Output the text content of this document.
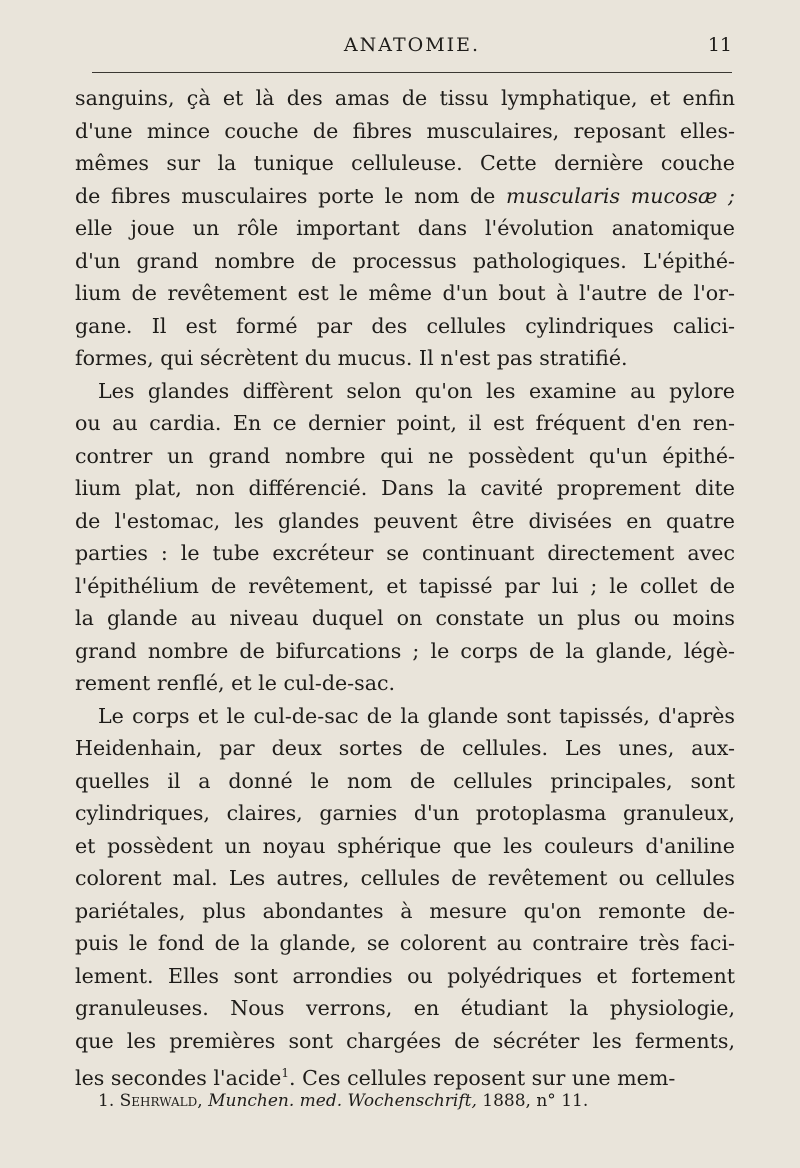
ANATOMIE.	11
sanguins, çà et là des amas de tissu lymphatique, et enfin
d'une mince couche de fibres musculaires, reposant elles-
mêmes sur la tunique celluleuse. Cette dernière couche
de fibres musculaires porte le nom de muscularis mucosæ ;
elle joue un rôle important dans l'évolution anatomique
d'un grand nombre de processus pathologiques. L'épithé-
lium de revêtement est le même d'un bout à l'autre de l'or-
gane. Il est formé par des cellules cylindriques calici-
formes, qui sécrètent du mucus. Il n'est pas stratifié.
Les glandes diffèrent selon qu'on les examine au pylore
ou au cardia. En ce dernier point, il est fréquent d'en ren-
contrer un grand nombre qui ne possèdent qu'un épithé-
lium plat, non différencié. Dans la cavité proprement dite
de l'estomac, les glandes peuvent être divisées en quatre
parties : le tube excréteur se continuant directement avec
l'épithélium de revêtement, et tapissé par lui ; le collet de
la glande au niveau duquel on constate un plus ou moins
grand nombre de bifurcations ; le corps de la glande, légè-
rement renflé, et le cul-de-sac.
Le corps et le cul-de-sac de la glande sont tapissés, d'après
Heidenhain, par deux sortes de cellules. Les unes, aux-
quelles il a donné le nom de cellules principales, sont
cylindriques, claires, garnies d'un protoplasma granuleux,
et possèdent un noyau sphérique que les couleurs d'aniline
colorent mal. Les autres, cellules de revêtement ou cellules
pariétales, plus abondantes à mesure qu'on remonte de-
puis le fond de la glande, se colorent au contraire très faci-
lement. Elles sont arrondies ou polyédriques et fortement
granuleuses. Nous verrons, en étudiant la physiologie,
que les premières sont chargées de sécréter les ferments,
les secondes l'acide$^1$. Ces cellules reposent sur une mem-
1. Sehrwald, Munchen. med. Wochenschrift, 1888, n° 11.
